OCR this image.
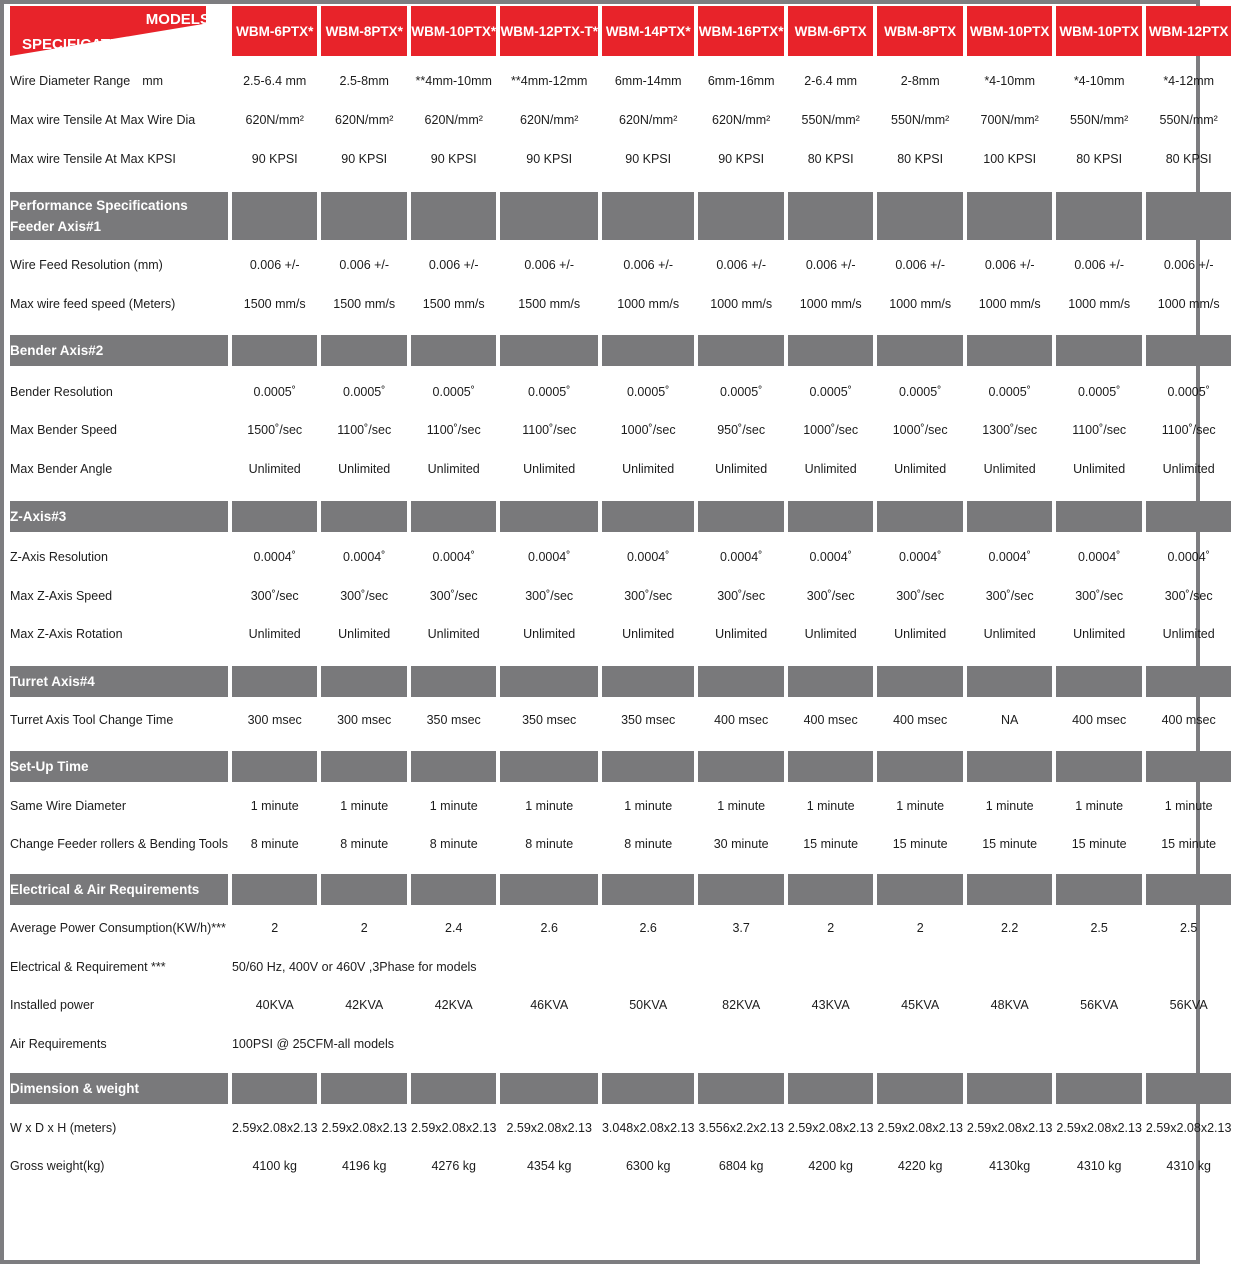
MODELS
SPECIFICATIONS	WBM-6PTX*	WBM-8PTX*	WBM-10PTX*	WBM-12PTX-T*	WBM-14PTX*	WBM-16PTX*	WBM-6PTX	WBM-8PTX	WBM-10PTX	WBM-10PTX	WBM-12PTX

Wire Diameter Range mm	2.5-6.4 mm	2.5-8mm	**4mm-10mm	**4mm-12mm	6mm-14mm	6mm-16mm	2-6.4 mm	2-8mm	*4-10mm	*4-10mm	*4-12mm
Max wire Tensile At Max Wire Dia	620N/mm²	620N/mm²	620N/mm²	620N/mm²	620N/mm²	620N/mm²	550N/mm²	550N/mm²	700N/mm²	550N/mm²	550N/mm²
Max wire Tensile At Max KPSI	90 KPSI	90 KPSI	90 KPSI	90 KPSI	90 KPSI	90 KPSI	80 KPSI	80 KPSI	100 KPSI	80 KPSI	80 KPSI

Performance Specifications
Feeder Axis#1											

Wire Feed Resolution (mm)	0.006 +/-	0.006 +/-	0.006 +/-	0.006 +/-	0.006 +/-	0.006 +/-	0.006 +/-	0.006 +/-	0.006 +/-	0.006 +/-	0.006 +/-
Max wire feed speed (Meters)	1500 mm/s	1500 mm/s	1500 mm/s	1500 mm/s	1000 mm/s	1000 mm/s	1000 mm/s	1000 mm/s	1000 mm/s	1000 mm/s	1000 mm/s

Bender Axis#2											

Bender Resolution	0.0005˚	0.0005˚	0.0005˚	0.0005˚	0.0005˚	0.0005˚	0.0005˚	0.0005˚	0.0005˚	0.0005˚	0.0005˚
Max Bender Speed	1500˚/sec	1100˚/sec	1100˚/sec	1100˚/sec	1000˚/sec	950˚/sec	1000˚/sec	1000˚/sec	1300˚/sec	1100˚/sec	1100˚/sec
Max Bender Angle	Unlimited	Unlimited	Unlimited	Unlimited	Unlimited	Unlimited	Unlimited	Unlimited	Unlimited	Unlimited	Unlimited

Z-Axis#3											

Z-Axis Resolution	0.0004˚	0.0004˚	0.0004˚	0.0004˚	0.0004˚	0.0004˚	0.0004˚	0.0004˚	0.0004˚	0.0004˚	0.0004˚
Max Z-Axis Speed	300˚/sec	300˚/sec	300˚/sec	300˚/sec	300˚/sec	300˚/sec	300˚/sec	300˚/sec	300˚/sec	300˚/sec	300˚/sec
Max Z-Axis Rotation	Unlimited	Unlimited	Unlimited	Unlimited	Unlimited	Unlimited	Unlimited	Unlimited	Unlimited	Unlimited	Unlimited

Turret Axis#4											

Turret Axis Tool Change Time	300 msec	300 msec	350 msec	350 msec	350 msec	400 msec	400 msec	400 msec	NA	400 msec	400 msec

Set-Up Time											

Same Wire Diameter	1 minute	1 minute	1 minute	1 minute	1 minute	1 minute	1 minute	1 minute	1 minute	1 minute	1 minute
Change Feeder rollers & Bending Tools	8 minute	8 minute	8 minute	8 minute	8 minute	30 minute	15 minute	15 minute	15 minute	15 minute	15 minute

Electrical & Air Requirements											

Average Power Consumption(KW/h)***	2	2	2.4	2.6	2.6	3.7	2	2	2.2	2.5	2.5
Electrical & Requirement ***	50/60 Hz, 400V or 460V ,3Phase for models										
Installed power	40KVA	42KVA	42KVA	46KVA	50KVA	82KVA	43KVA	45KVA	48KVA	56KVA	56KVA
Air Requirements	100PSI @ 25CFM-all models										

Dimension & weight											

W x D x H (meters)	2.59x2.08x2.13	2.59x2.08x2.13	2.59x2.08x2.13	2.59x2.08x2.13	3.048x2.08x2.13	3.556x2.2x2.13	2.59x2.08x2.13	2.59x2.08x2.13	2.59x2.08x2.13	2.59x2.08x2.13	2.59x2.08x2.13
Gross weight(kg)	4100 kg	4196 kg	4276 kg	4354 kg	6300 kg	6804 kg	4200 kg	4220 kg	4130kg	4310 kg	4310 kg
